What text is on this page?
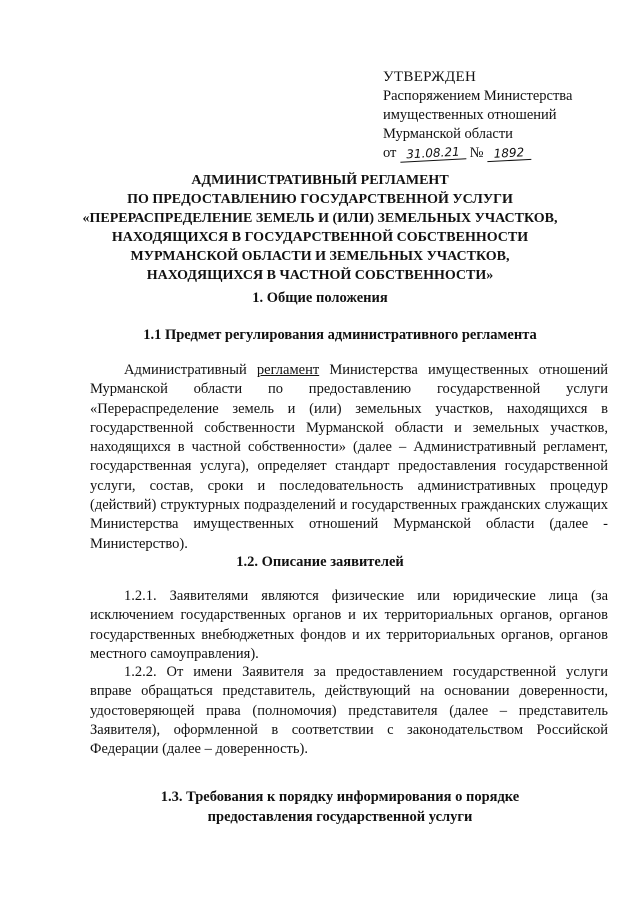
УТВЕРЖДЕН
Распоряжением Министерства
имущественных отношений
Мурманской области
от 31.08.21 № 1892
АДМИНИСТРАТИВНЫЙ РЕГЛАМЕНТ
ПО ПРЕДОСТАВЛЕНИЮ ГОСУДАРСТВЕННОЙ УСЛУГИ
«ПЕРЕРАСПРЕДЕЛЕНИЕ ЗЕМЕЛЬ И (ИЛИ) ЗЕМЕЛЬНЫХ УЧАСТКОВ,
НАХОДЯЩИХСЯ В ГОСУДАРСТВЕННОЙ СОБСТВЕННОСТИ
МУРМАНСКОЙ ОБЛАСТИ И ЗЕМЕЛЬНЫХ УЧАСТКОВ,
НАХОДЯЩИХСЯ В ЧАСТНОЙ СОБСТВЕННОСТИ»
1. Общие положения
1.1 Предмет регулирования административного регламента
Административный регламент Министерства имущественных отношений Мурманской области по предоставлению государственной услуги «Перераспределение земель и (или) земельных участков, находящихся в государственной собственности Мурманской области и земельных участков, находящихся в частной собственности» (далее – Административный регламент, государственная услуга), определяет стандарт предоставления государственной услуги, состав, сроки и последовательность административных процедур (действий) структурных подразделений и государственных гражданских служащих Министерства имущественных отношений Мурманской области (далее - Министерство).
1.2. Описание заявителей
1.2.1. Заявителями являются физические или юридические лица (за исключением государственных органов и их территориальных органов, органов государственных внебюджетных фондов и их территориальных органов, органов местного самоуправления).
1.2.2. От имени Заявителя за предоставлением государственной услуги вправе обращаться представитель, действующий на основании доверенности, удостоверяющей права (полномочия) представителя (далее – представитель Заявителя), оформленной в соответствии с законодательством Российской Федерации (далее – доверенность).
1.3. Требования к порядку информирования о порядке
предоставления государственной услуги
